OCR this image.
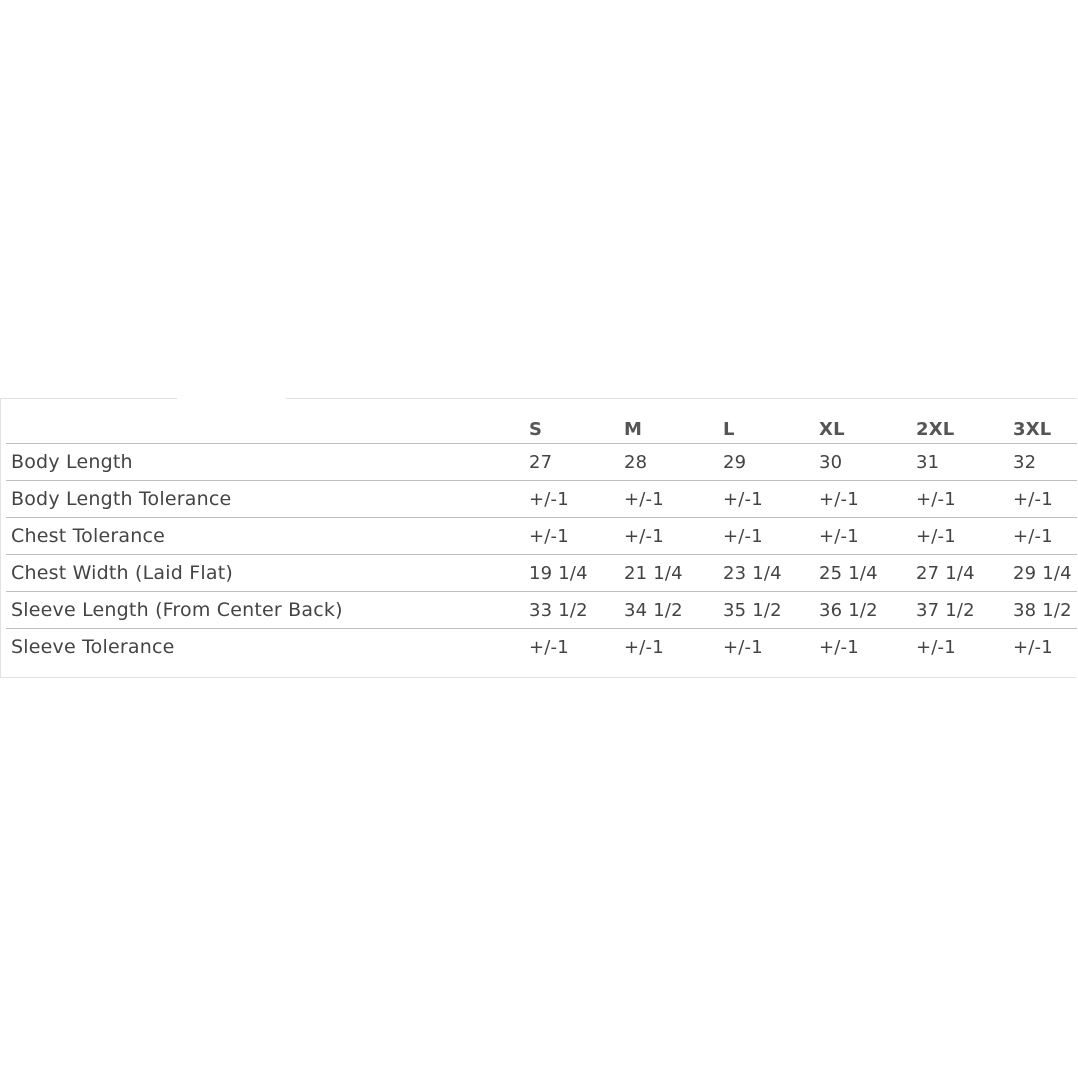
	S	M	L	XL	2XL	3XL
Body Length	27	28	29	30	31	32
Body Length Tolerance	+/-1	+/-1	+/-1	+/-1	+/-1	+/-1
Chest Tolerance	+/-1	+/-1	+/-1	+/-1	+/-1	+/-1
Chest Width (Laid Flat)	19 1/4	21 1/4	23 1/4	25 1/4	27 1/4	29 1/4
Sleeve Length (From Center Back)	33 1/2	34 1/2	35 1/2	36 1/2	37 1/2	38 1/2
Sleeve Tolerance	+/-1	+/-1	+/-1	+/-1	+/-1	+/-1
